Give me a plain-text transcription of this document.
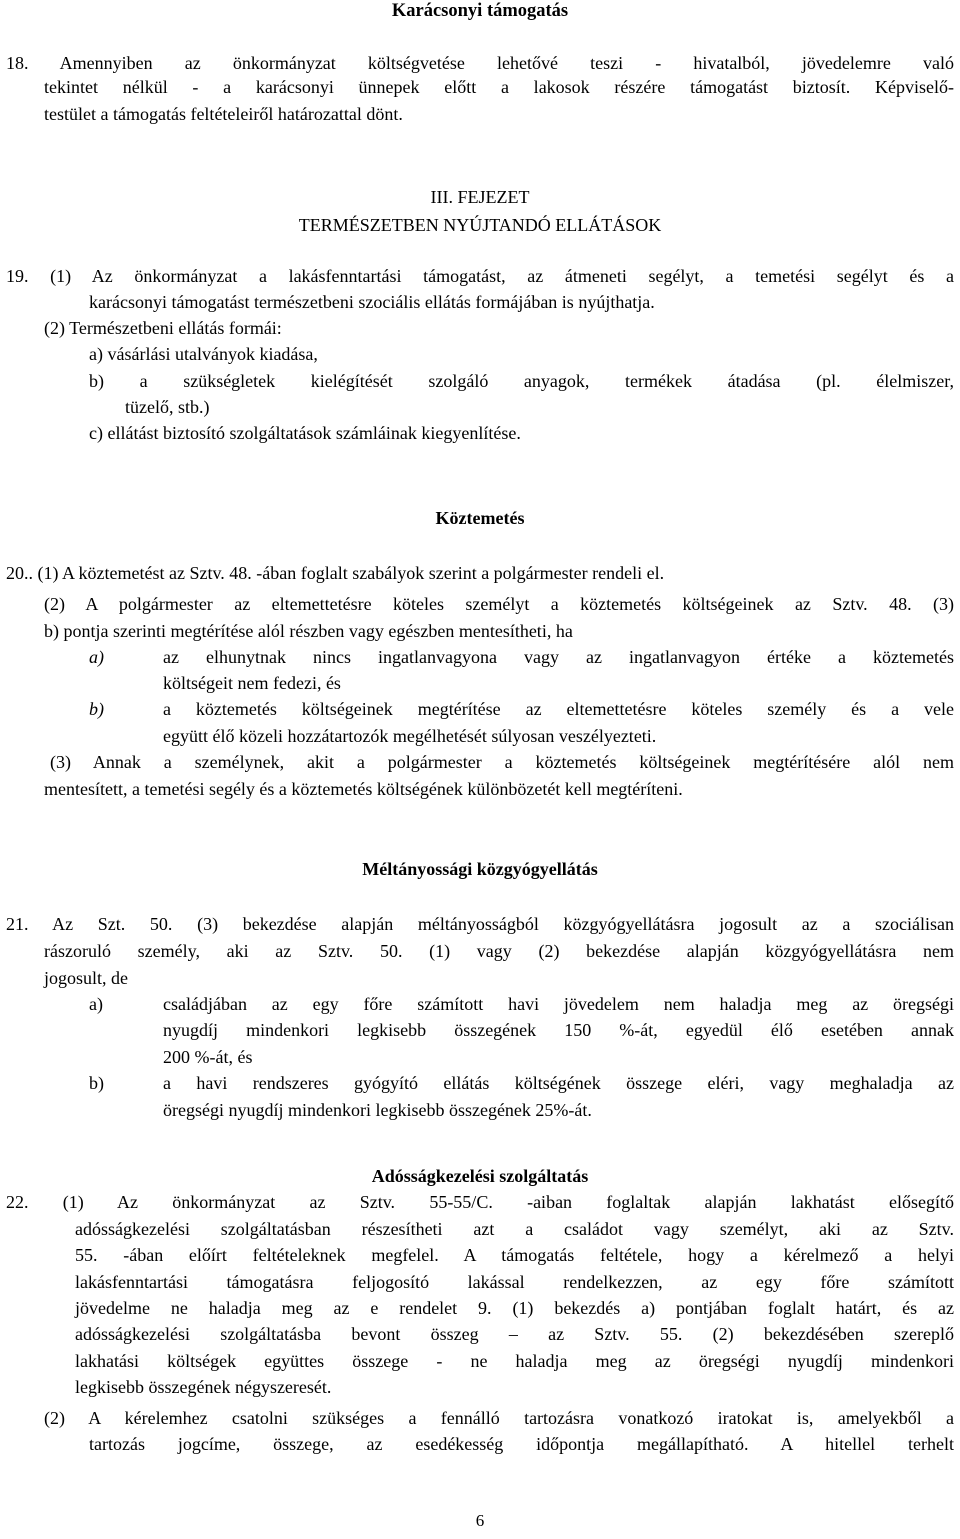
Karácsonyi támogatás
18. Amennyiben az önkormányzat költségvetése lehetővé teszi - hivatalból, jövedelemre való
tekintet nélkül - a karácsonyi ünnepek előtt a lakosok részére támogatást biztosít. Képviselő-
testület a támogatás feltételeiről határozattal dönt.
III. FEJEZET
TERMÉSZETBEN NYÚJTANDÓ ELLÁTÁSOK
19. (1) Az önkormányzat a lakásfenntartási támogatást, az átmeneti segélyt, a temetési segélyt és a
karácsonyi támogatást természetbeni szociális ellátás formájában is nyújthatja.
(2) Természetbeni ellátás formái:
a) vásárlási utalványok kiadása,
b) a szükségletek kielégítését szolgáló anyagok, termékek átadása (pl. élelmiszer,
tüzelő, stb.)
c) ellátást biztosító szolgáltatások számláinak kiegyenlítése.
Köztemetés
20.. (1) A köztemetést az Sztv. 48. -ában foglalt szabályok szerint a polgármester rendeli el.
(2) A polgármester az eltemettetésre köteles személyt a köztemetés költségeinek az Sztv. 48. (3)
b) pontja szerinti megtérítése alól részben vagy egészben mentesítheti, ha
a)	az elhunytnak nincs ingatlanvagyona vagy az ingatlanvagyon értéke a köztemetés
költségeit nem fedezi, és
b)	a köztemetés költségeinek megtérítése az eltemettetésre köteles személy és a vele
együtt élő közeli hozzátartozók megélhetését súlyosan veszélyezteti.
(3) Annak a személynek, akit a polgármester a köztemetés költségeinek megtérítésére alól nem
mentesített, a temetési segély és a köztemetés költségének különbözetét kell megtéríteni.
Méltányossági közgyógyellátás
21. Az Szt. 50. (3) bekezdése alapján méltányosságból közgyógyellátásra jogosult az a szociálisan
rászoruló személy, aki az Sztv. 50. (1) vagy (2) bekezdése alapján közgyógyellátásra nem
jogosult, de
a)	családjában az egy főre számított havi jövedelem nem haladja meg az öregségi
nyugdíj mindenkori legkisebb összegének 150 %-át, egyedül élő esetében annak
200 %-át, és
b)	a havi rendszeres gyógyító ellátás költségének összege eléri, vagy meghaladja az
öregségi nyugdíj mindenkori legkisebb összegének 25%-át.
Adósságkezelési szolgáltatás
22. (1) Az önkormányzat az Sztv. 55-55/C. -aiban foglaltak alapján lakhatást elősegítő
adósságkezelési szolgáltatásban részesítheti azt a családot vagy személyt, aki az Sztv.
55. -ában előírt feltételeknek megfelel. A támogatás feltétele, hogy a kérelmező a helyi
lakásfenntartási támogatásra feljogosító lakással rendelkezzen, az egy főre számított
jövedelme ne haladja meg az e rendelet 9. (1) bekezdés a) pontjában foglalt határt, és az
adósságkezelési szolgáltatásba bevont összeg – az Sztv. 55. (2) bekezdésében szereplő
lakhatási költségek együttes összege - ne haladja meg az öregségi nyugdíj mindenkori
legkisebb összegének négyszeresét.
(2) A kérelemhez csatolni szükséges a fennálló tartozásra vonatkozó iratokat is, amelyekből a
tartozás jogcíme, összege, az esedékesség időpontja megállapítható. A hitellel terhelt
6
